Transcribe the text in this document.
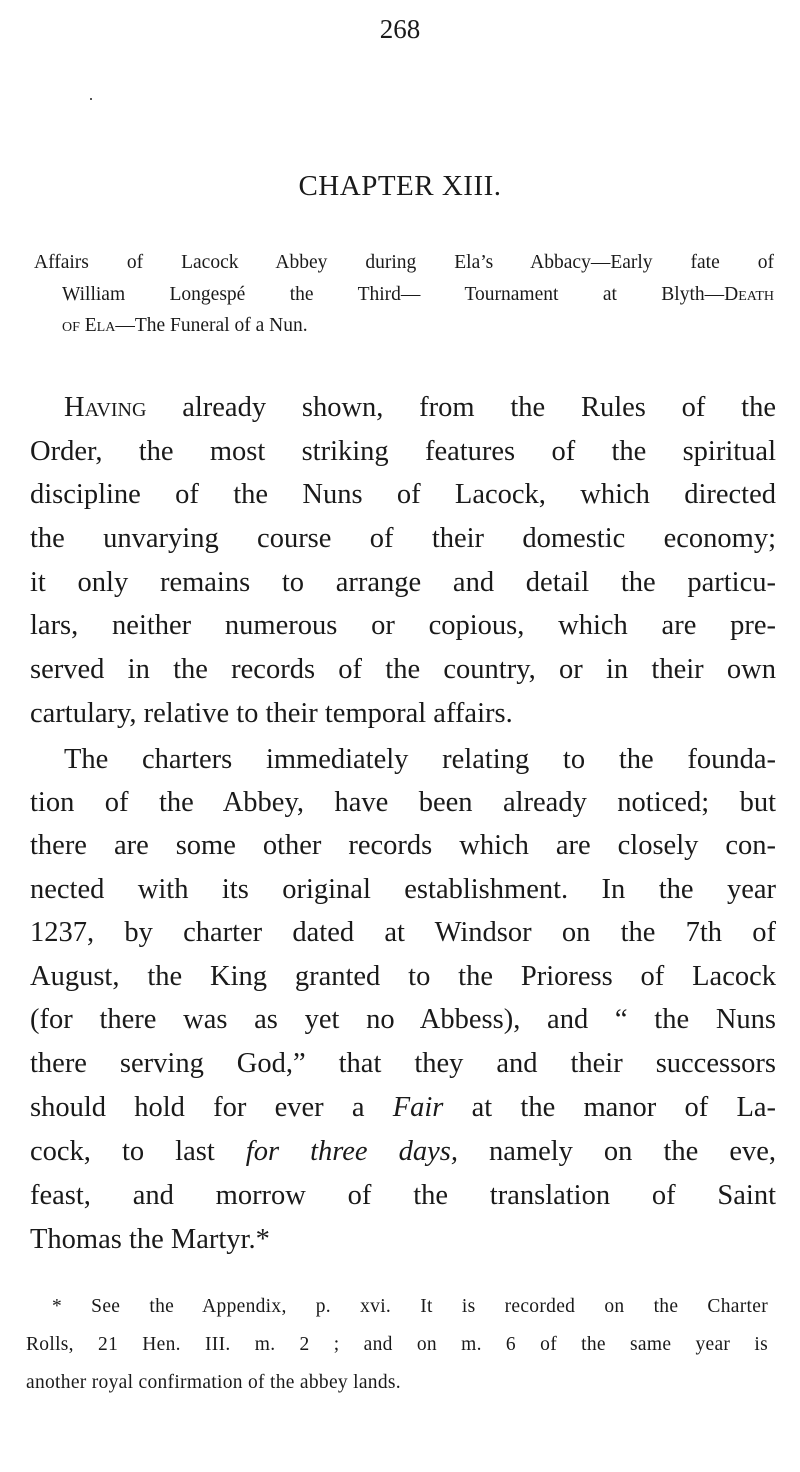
268
CHAPTER XIII.
Affairs of Lacock Abbey during Ela’s Abbacy—Early fate of
William Longespé the Third— Tournament at Blyth—Death
of Ela—The Funeral of a Nun.
Having already shown, from the Rules of the
Order, the most striking features of the spiritual
discipline of the Nuns of Lacock, which directed
the unvarying course of their domestic economy;
it only remains to arrange and detail the particu-
lars, neither numerous or copious, which are pre-
served in the records of the country, or in their own
cartulary, relative to their temporal affairs.
The charters immediately relating to the founda-
tion of the Abbey, have been already noticed; but
there are some other records which are closely con-
nected with its original establishment. In the year
1237, by charter dated at Windsor on the 7th of
August, the King granted to the Prioress of Lacock
(for there was as yet no Abbess), and “ the Nuns
there serving God,” that they and their successors
should hold for ever a Fair at the manor of La-
cock, to last for three days, namely on the eve,
feast, and morrow of the translation of Saint
Thomas the Martyr.*
* See the Appendix, p. xvi. It is recorded on the Charter
Rolls, 21 Hen. III. m. 2 ; and on m. 6 of the same year is
another royal confirmation of the abbey lands.
